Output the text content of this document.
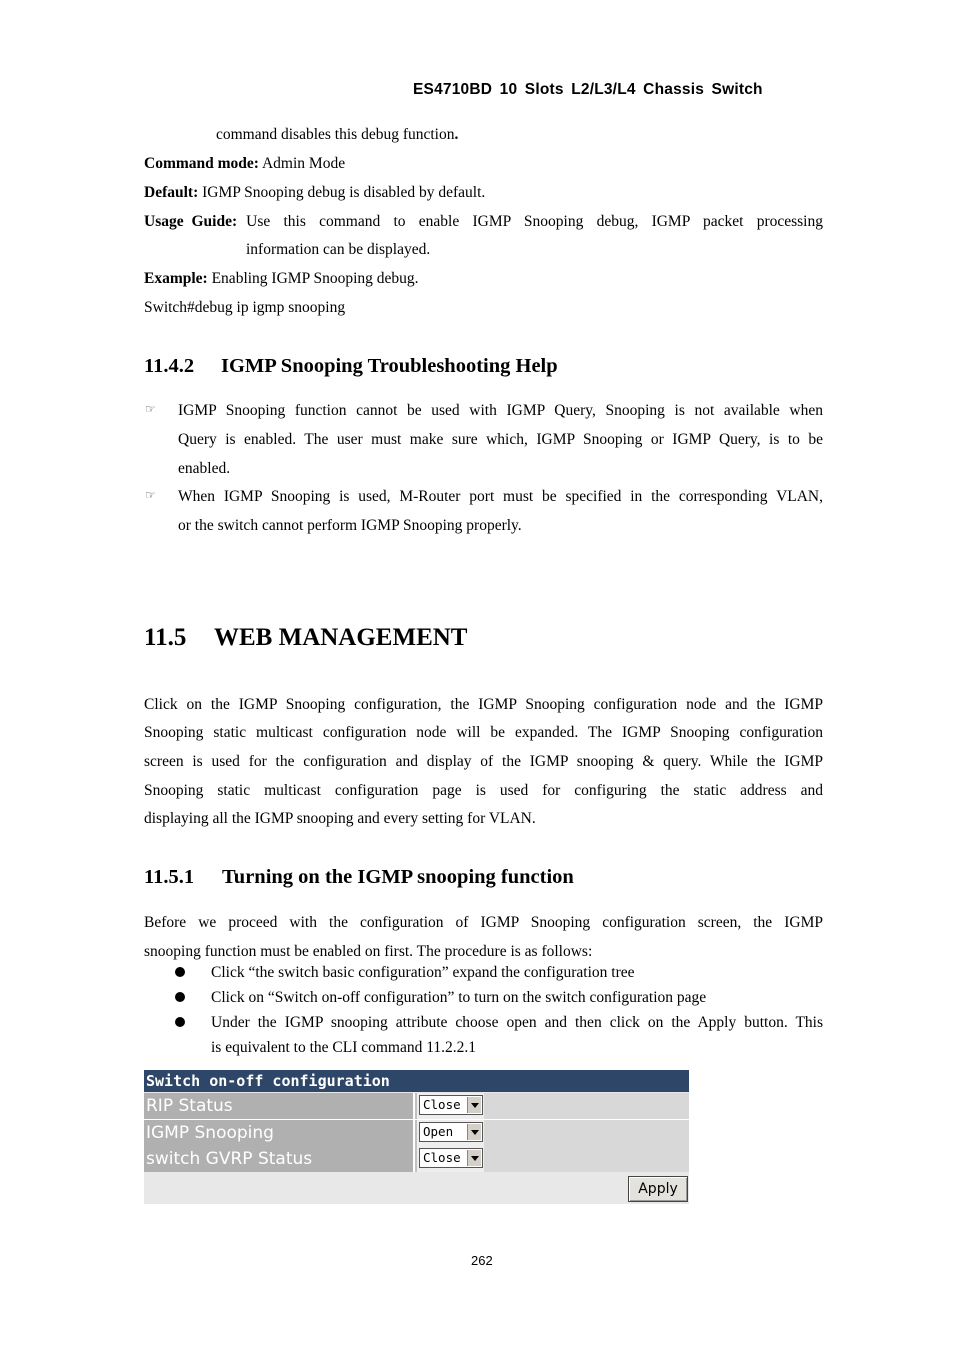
ES4710BD 10 Slots L2/L3/L4 Chassis Switch
command disables this debug function.
Command mode: Admin Mode
Default: IGMP Snooping debug is disabled by default.
Usage Guide: Use this command to enable IGMP Snooping debug, IGMP packet processing
information can be displayed.
Example: Enabling IGMP Snooping debug.
Switch#debug ip igmp snooping
11.4.2 IGMP Snooping Troubleshooting Help
☞ IGMP Snooping function cannot be used with IGMP Query, Snooping is not available when
Query is enabled. The user must make sure which, IGMP Snooping or IGMP Query, is to be
enabled.
☞ When IGMP Snooping is used, M-Router port must be specified in the corresponding VLAN,
or the switch cannot perform IGMP Snooping properly.
11.5 WEB MANAGEMENT
Click on the IGMP Snooping configuration, the IGMP Snooping configuration node and the IGMP
Snooping static multicast configuration node will be expanded. The IGMP Snooping configuration
screen is used for the configuration and display of the IGMP snooping & query. While the IGMP
Snooping static multicast configuration page is used for configuring the static address and
displaying all the IGMP snooping and every setting for VLAN.
11.5.1 Turning on the IGMP snooping function
Before we proceed with the configuration of IGMP Snooping configuration screen, the IGMP
snooping function must be enabled on first. The procedure is as follows:
Click “the switch basic configuration” expand the configuration tree
Click on “Switch on-off configuration” to turn on the switch configuration page
Under the IGMP snooping attribute choose open and then click on the Apply button. This
is equivalent to the CLI command 11.2.2.1
Switch on-off configuration
RIP Status	Close
IGMP Snooping	Open
switch GVRP Status	Close
Apply
262
